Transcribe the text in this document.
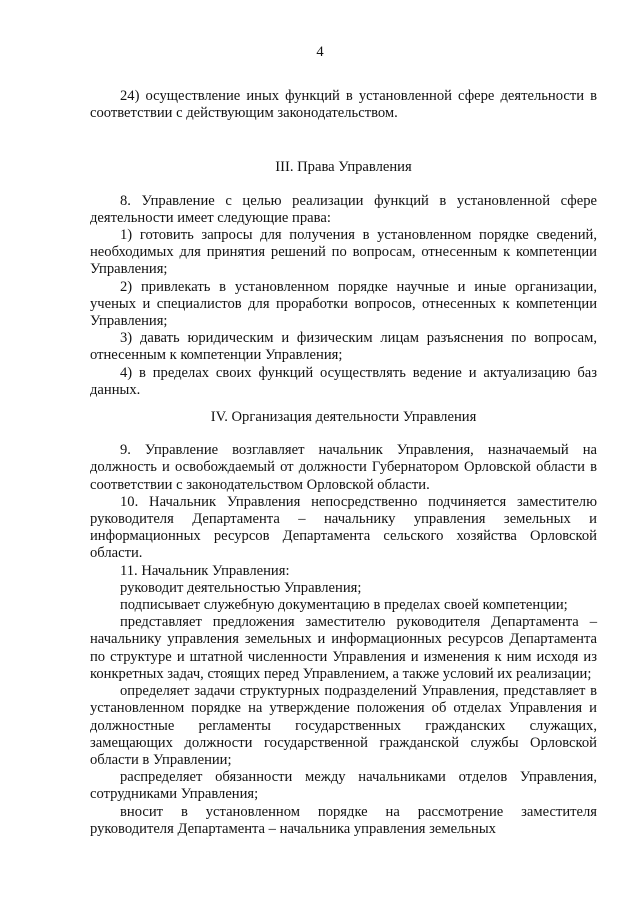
4

24) осуществление иных функций в установленной сфере деятельности в соответствии с действующим законодательством.

III. Права Управления

8. Управление с целью реализации функций в установленной сфере деятельности имеет следующие права:

1) готовить запросы для получения в установленном порядке сведений, необходимых для принятия решений по вопросам, отнесенным к компетенции Управления;

2) привлекать в установленном порядке научные и иные организации, ученых и специалистов для проработки вопросов, отнесенных к компетенции Управления;

3) давать юридическим и физическим лицам разъяснения по вопросам, отнесенным к компетенции Управления;

4) в пределах своих функций осуществлять ведение и актуализацию баз данных.

IV. Организация деятельности Управления

9. Управление возглавляет начальник Управления, назначаемый на должность и освобождаемый от должности Губернатором Орловской области в соответствии с законодательством Орловской области.

10. Начальник Управления непосредственно подчиняется заместителю руководителя Департамента – начальнику управления земельных и информационных ресурсов Департамента сельского хозяйства Орловской области.

11. Начальник Управления:

руководит деятельностью Управления;

подписывает служебную документацию в пределах своей компетенции;

представляет предложения заместителю руководителя Департамента – начальнику управления земельных и информационных ресурсов Департамента по структуре и штатной численности Управления и изменения к ним исходя из конкретных задач, стоящих перед Управлением, а также условий их реализации;

определяет задачи структурных подразделений Управления, представляет в установленном порядке на утверждение положения об отделах Управления и должностные регламенты государственных гражданских служащих, замещающих должности государственной гражданской службы Орловской области в Управлении;

распределяет обязанности между начальниками отделов Управления, сотрудниками Управления;

вносит в установленном порядке на рассмотрение заместителя руководителя Департамента – начальника управления земельных
